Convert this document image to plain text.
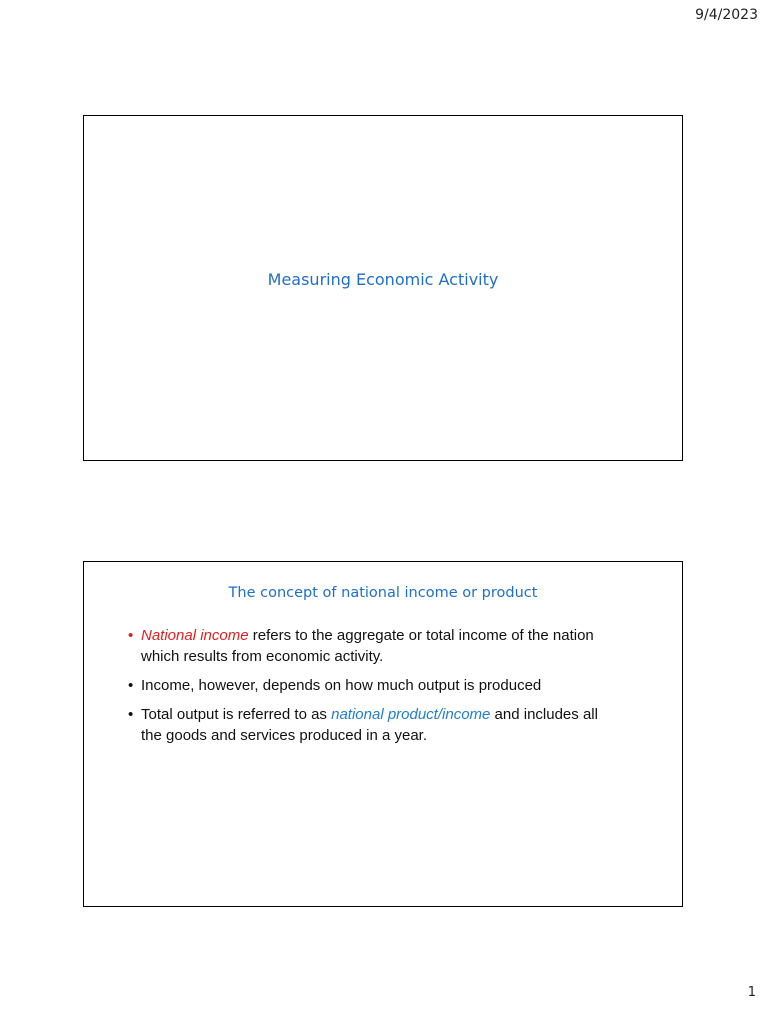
9/4/2023
Measuring Economic Activity
The concept of national income or product
• National income refers to the aggregate or total income of the nation which results from economic activity.
• Income, however, depends on how much output is produced
• Total output is referred to as national product/income and includes all the goods and services produced in a year.
1
